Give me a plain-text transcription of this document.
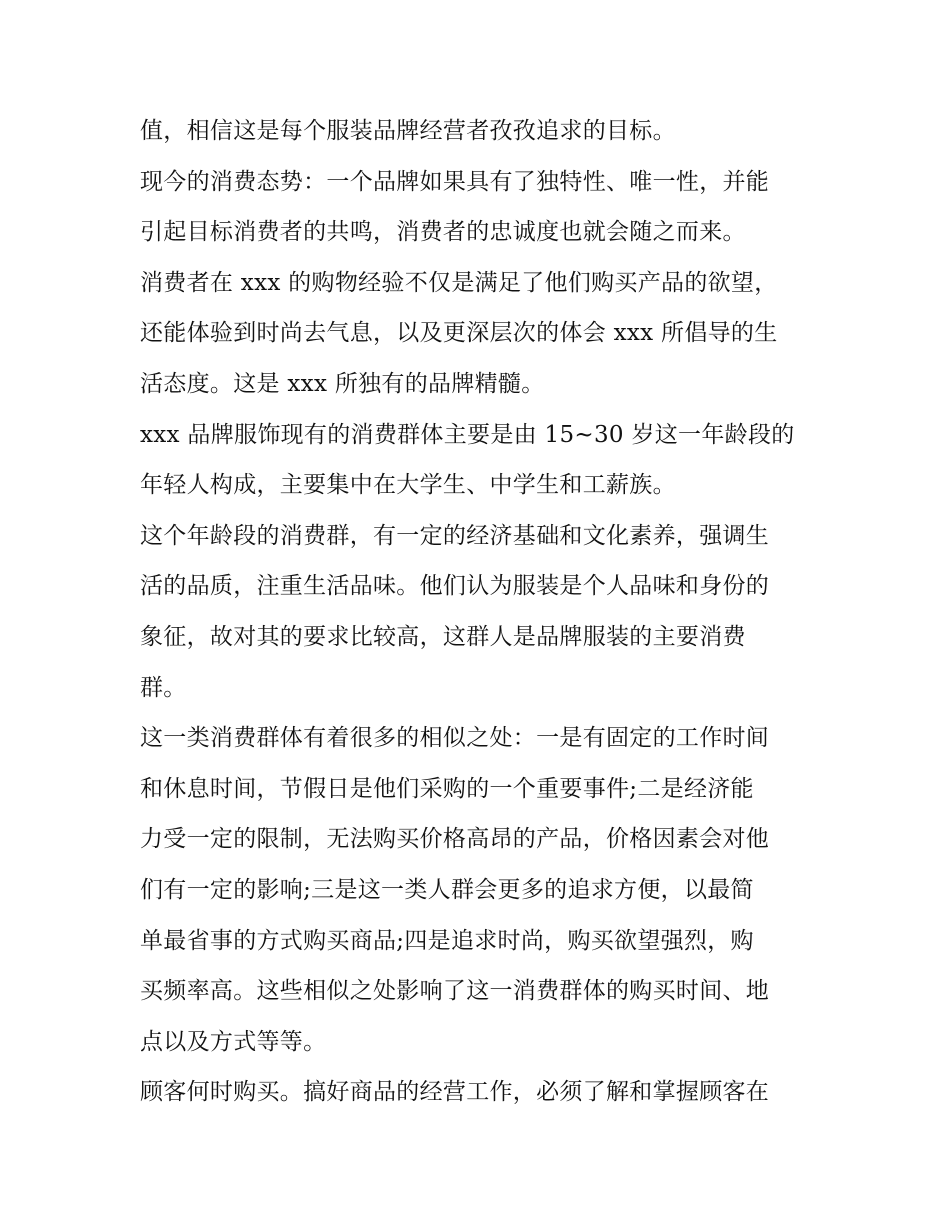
值，相信这是每个服装品牌经营者孜孜追求的目标。
现今的消费态势：一个品牌如果具有了独特性、唯一性，并能
引起目标消费者的共鸣，消费者的忠诚度也就会随之而来。
消费者在 xxx 的购物经验不仅是满足了他们购买产品的欲望，
还能体验到时尚去气息，以及更深层次的体会 xxx 所倡导的生
活态度。这是 xxx 所独有的品牌精髓。
xxx 品牌服饰现有的消费群体主要是由 15~30 岁这一年龄段的
年轻人构成，主要集中在大学生、中学生和工薪族。
这个年龄段的消费群，有一定的经济基础和文化素养，强调生
活的品质，注重生活品味。他们认为服装是个人品味和身份的
象征，故对其的要求比较高，这群人是品牌服装的主要消费
群。
这一类消费群体有着很多的相似之处：一是有固定的工作时间
和休息时间，节假日是他们采购的一个重要事件;二是经济能
力受一定的限制，无法购买价格高昂的产品，价格因素会对他
们有一定的影响;三是这一类人群会更多的追求方便，以最简
单最省事的方式购买商品;四是追求时尚，购买欲望强烈，购
买频率高。这些相似之处影响了这一消费群体的购买时间、地
点以及方式等等。
顾客何时购买。搞好商品的经营工作，必须了解和掌握顾客在
